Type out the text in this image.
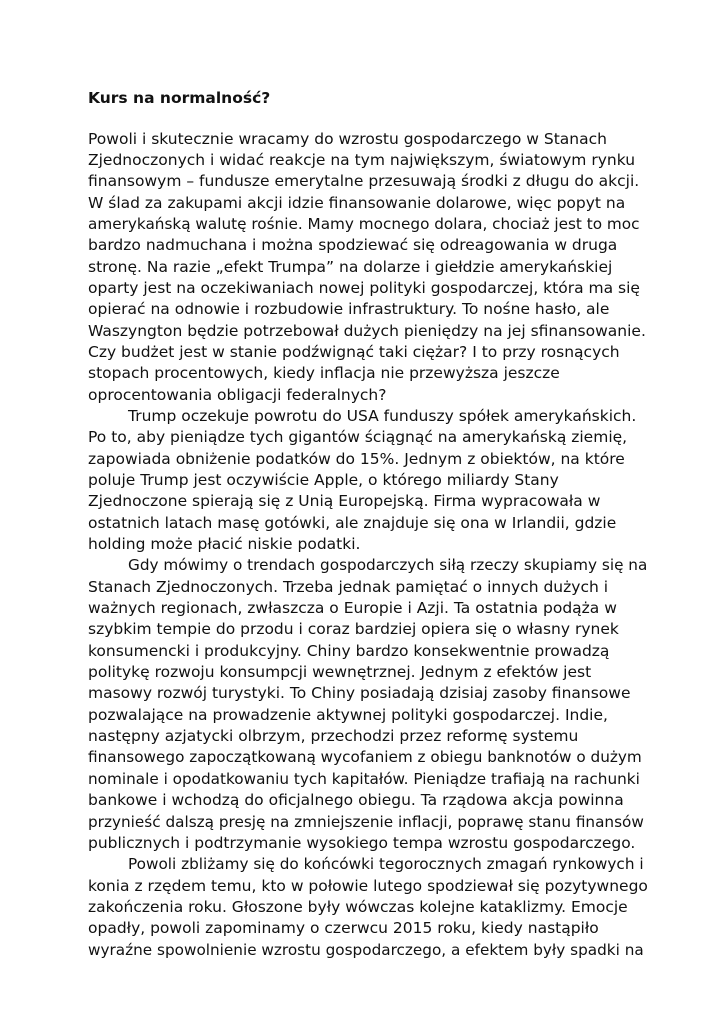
Kurs na normalność?
Powoli i skutecznie wracamy do wzrostu gospodarczego w Stanach
Zjednoczonych i widać reakcje na tym największym, światowym rynku
finansowym – fundusze emerytalne przesuwają środki z długu do akcji.
W ślad za zakupami akcji idzie finansowanie dolarowe, więc popyt na
amerykańską walutę rośnie. Mamy mocnego dolara, chociaż jest to moc
bardzo nadmuchana i można spodziewać się odreagowania w druga
stronę. Na razie „efekt Trumpa” na dolarze i giełdzie amerykańskiej
oparty jest na oczekiwaniach nowej polityki gospodarczej, która ma się
opierać na odnowie i rozbudowie infrastruktury. To nośne hasło, ale
Waszyngton będzie potrzebował dużych pieniędzy na jej sfinansowanie.
Czy budżet jest w stanie podźwignąć taki ciężar? I to przy rosnących
stopach procentowych, kiedy inflacja nie przewyższa jeszcze
oprocentowania obligacji federalnych?
Trump oczekuje powrotu do USA funduszy spółek amerykańskich.
Po to, aby pieniądze tych gigantów ściągnąć na amerykańską ziemię,
zapowiada obniżenie podatków do 15%. Jednym z obiektów, na które
poluje Trump jest oczywiście Apple, o którego miliardy Stany
Zjednoczone spierają się z Unią Europejską. Firma wypracowała w
ostatnich latach masę gotówki, ale znajduje się ona w Irlandii, gdzie
holding może płacić niskie podatki.
Gdy mówimy o trendach gospodarczych siłą rzeczy skupiamy się na
Stanach Zjednoczonych. Trzeba jednak pamiętać o innych dużych i
ważnych regionach, zwłaszcza o Europie i Azji. Ta ostatnia podąża w
szybkim tempie do przodu i coraz bardziej opiera się o własny rynek
konsumencki i produkcyjny. Chiny bardzo konsekwentnie prowadzą
politykę rozwoju konsumpcji wewnętrznej. Jednym z efektów jest
masowy rozwój turystyki. To Chiny posiadają dzisiaj zasoby finansowe
pozwalające na prowadzenie aktywnej polityki gospodarczej. Indie,
następny azjatycki olbrzym, przechodzi przez reformę systemu
finansowego zapoczątkowaną wycofaniem z obiegu banknotów o dużym
nominale i opodatkowaniu tych kapitałów. Pieniądze trafiają na rachunki
bankowe i wchodzą do oficjalnego obiegu. Ta rządowa akcja powinna
przynieść dalszą presję na zmniejszenie inflacji, poprawę stanu finansów
publicznych i podtrzymanie wysokiego tempa wzrostu gospodarczego.
Powoli zbliżamy się do końcówki tegorocznych zmagań rynkowych i
konia z rzędem temu, kto w połowie lutego spodziewał się pozytywnego
zakończenia roku. Głoszone były wówczas kolejne kataklizmy. Emocje
opadły, powoli zapominamy o czerwcu 2015 roku, kiedy nastąpiło
wyraźne spowolnienie wzrostu gospodarczego, a efektem były spadki na
